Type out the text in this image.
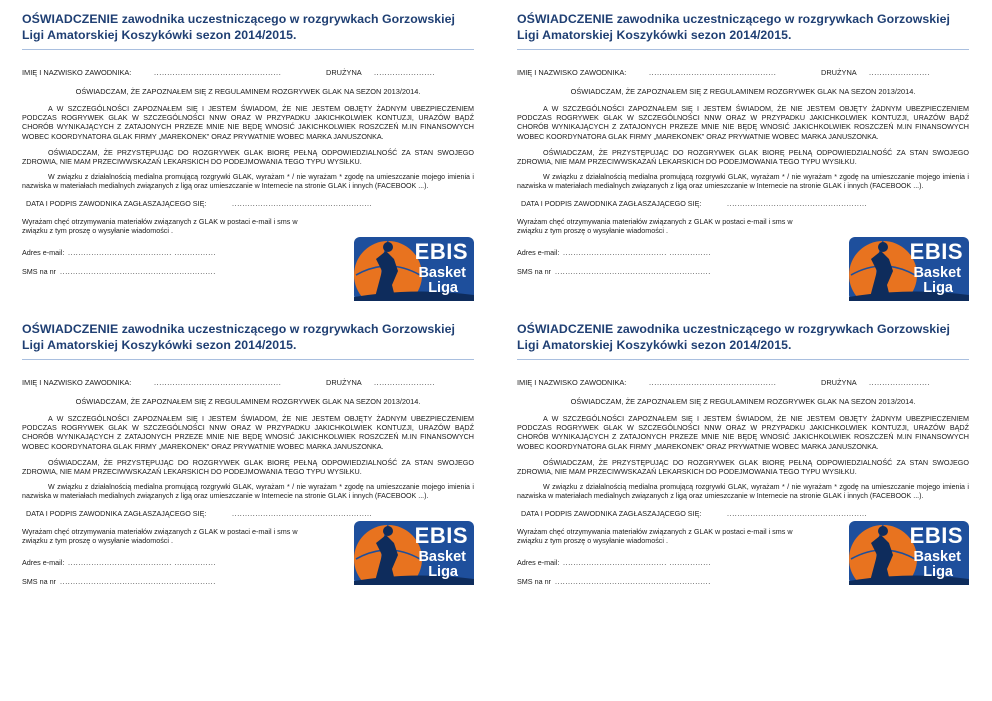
OŚWIADCZENIE zawodnika uczestniczącego w rozgrywkach Gorzowskiej Ligi Amatorskiej Koszykówki sezon 2014/2015.
IMIĘ I NAZWISKO ZAWODNIKA:	................................................	DRUŻYNA	.......................
OŚWIADCZAM, ŻE ZAPOZNAŁEM SIĘ Z REGULAMINEM ROZGRYWEK GLAK NA SEZON 2013/2014.
A W SZCZEGÓLNOŚCI ZAPOZNAŁEM SIĘ I JESTEM ŚWIADOM, ŻE NIE JESTEM OBJĘTY ŻADNYM UBEZPIECZENIEM PODCZAS ROGRYWEK GLAK W SZCZEGÓLNOŚCI NNW ORAZ W PRZYPADKU JAKICHKOLWIEK KONTUZJI, URAZÓW BĄDŹ CHORÓB WYNIKAJĄCYCH Z ZATAJONYCH PRZEZE MNIE NIE BĘDĘ WNOSIĆ JAKICHKOLWIEK ROSZCZEŃ M.IN FINANSOWYCH WOBEC KOORDYNATORA GLAK FIRMY „MAREKONEK” ORAZ PRYWATNIE WOBEC MARKA JANUSZONKA.
OŚWIADCZAM, ŻE PRZYSTĘPUJĄC DO ROZGRYWEK GLAK BIORĘ PEŁNĄ ODPOWIEDZIALNOŚĆ ZA STAN SWOJEGO ZDROWIA, NIE MAM PRZECIWWSKAZAŃ LEKARSKICH DO PODEJMOWANIA TEGO TYPU WYSIŁKU.
W związku z działalnością medialna promującą rozgrywki GLAK, wyrażam * / nie wyrażam * zgodę na umieszczanie mojego imienia i nazwiska w materiałach medialnych związanych z ligą oraz umieszczanie w Internecie na stronie GLAK i innych (FACEBOOK ...).
DATA I PODPIS ZAWODNIKA ZAGŁASZAJĄCEGO SIĘ:	......................................................
Wyrażam chęć otrzymywania materiałów związanych z GLAK w postaci e-mail i sms w związku z tym proszę o wysyłanie wiadomości .
Adres e-mail: ........................................ ................
SMS na nr ............................................................
EBIS
Basket
Liga
OŚWIADCZENIE zawodnika uczestniczącego w rozgrywkach Gorzowskiej Ligi Amatorskiej Koszykówki sezon 2014/2015.
IMIĘ I NAZWISKO ZAWODNIKA:	................................................	DRUŻYNA	.......................
OŚWIADCZAM, ŻE ZAPOZNAŁEM SIĘ Z REGULAMINEM ROZGRYWEK GLAK NA SEZON 2013/2014.
A W SZCZEGÓLNOŚCI ZAPOZNAŁEM SIĘ I JESTEM ŚWIADOM, ŻE NIE JESTEM OBJĘTY ŻADNYM UBEZPIECZENIEM PODCZAS ROGRYWEK GLAK W SZCZEGÓLNOŚCI NNW ORAZ W PRZYPADKU JAKICHKOLWIEK KONTUZJI, URAZÓW BĄDŹ CHORÓB WYNIKAJĄCYCH Z ZATAJONYCH PRZEZE MNIE NIE BĘDĘ WNOSIĆ JAKICHKOLWIEK ROSZCZEŃ M.IN FINANSOWYCH WOBEC KOORDYNATORA GLAK FIRMY „MAREKONEK” ORAZ PRYWATNIE WOBEC MARKA JANUSZONKA.
OŚWIADCZAM, ŻE PRZYSTĘPUJĄC DO ROZGRYWEK GLAK BIORĘ PEŁNĄ ODPOWIEDZIALNOŚĆ ZA STAN SWOJEGO ZDROWIA, NIE MAM PRZECIWWSKAZAŃ LEKARSKICH DO PODEJMOWANIA TEGO TYPU WYSIŁKU.
W związku z działalnością medialna promującą rozgrywki GLAK, wyrażam * / nie wyrażam * zgodę na umieszczanie mojego imienia i nazwiska w materiałach medialnych związanych z ligą oraz umieszczanie w Internecie na stronie GLAK i innych (FACEBOOK ...).
DATA I PODPIS ZAWODNIKA ZAGŁASZAJĄCEGO SIĘ:	......................................................
Wyrażam chęć otrzymywania materiałów związanych z GLAK w postaci e-mail i sms w związku z tym proszę o wysyłanie wiadomości .
Adres e-mail: ........................................ ................
SMS na nr ............................................................
EBIS
Basket
Liga
OŚWIADCZENIE zawodnika uczestniczącego w rozgrywkach Gorzowskiej Ligi Amatorskiej Koszykówki sezon 2014/2015.
IMIĘ I NAZWISKO ZAWODNIKA:	................................................	DRUŻYNA	.......................
OŚWIADCZAM, ŻE ZAPOZNAŁEM SIĘ Z REGULAMINEM ROZGRYWEK GLAK NA SEZON 2013/2014.
A W SZCZEGÓLNOŚCI ZAPOZNAŁEM SIĘ I JESTEM ŚWIADOM, ŻE NIE JESTEM OBJĘTY ŻADNYM UBEZPIECZENIEM PODCZAS ROGRYWEK GLAK W SZCZEGÓLNOŚCI NNW ORAZ W PRZYPADKU JAKICHKOLWIEK KONTUZJI, URAZÓW BĄDŹ CHORÓB WYNIKAJĄCYCH Z ZATAJONYCH PRZEZE MNIE NIE BĘDĘ WNOSIĆ JAKICHKOLWIEK ROSZCZEŃ M.IN FINANSOWYCH WOBEC KOORDYNATORA GLAK FIRMY „MAREKONEK” ORAZ PRYWATNIE WOBEC MARKA JANUSZONKA.
OŚWIADCZAM, ŻE PRZYSTĘPUJĄC DO ROZGRYWEK GLAK BIORĘ PEŁNĄ ODPOWIEDZIALNOŚĆ ZA STAN SWOJEGO ZDROWIA, NIE MAM PRZECIWWSKAZAŃ LEKARSKICH DO PODEJMOWANIA TEGO TYPU WYSIŁKU.
W związku z działalnością medialna promującą rozgrywki GLAK, wyrażam * / nie wyrażam * zgodę na umieszczanie mojego imienia i nazwiska w materiałach medialnych związanych z ligą oraz umieszczanie w Internecie na stronie GLAK i innych (FACEBOOK ...).
DATA I PODPIS ZAWODNIKA ZAGŁASZAJĄCEGO SIĘ:	......................................................
Wyrażam chęć otrzymywania materiałów związanych z GLAK w postaci e-mail i sms w związku z tym proszę o wysyłanie wiadomości .
Adres e-mail: ........................................ ................
SMS na nr ............................................................
EBIS
Basket
Liga
OŚWIADCZENIE zawodnika uczestniczącego w rozgrywkach Gorzowskiej Ligi Amatorskiej Koszykówki sezon 2014/2015.
IMIĘ I NAZWISKO ZAWODNIKA:	................................................	DRUŻYNA	.......................
OŚWIADCZAM, ŻE ZAPOZNAŁEM SIĘ Z REGULAMINEM ROZGRYWEK GLAK NA SEZON 2013/2014.
A W SZCZEGÓLNOŚCI ZAPOZNAŁEM SIĘ I JESTEM ŚWIADOM, ŻE NIE JESTEM OBJĘTY ŻADNYM UBEZPIECZENIEM PODCZAS ROGRYWEK GLAK W SZCZEGÓLNOŚCI NNW ORAZ W PRZYPADKU JAKICHKOLWIEK KONTUZJI, URAZÓW BĄDŹ CHORÓB WYNIKAJĄCYCH Z ZATAJONYCH PRZEZE MNIE NIE BĘDĘ WNOSIĆ JAKICHKOLWIEK ROSZCZEŃ M.IN FINANSOWYCH WOBEC KOORDYNATORA GLAK FIRMY „MAREKONEK” ORAZ PRYWATNIE WOBEC MARKA JANUSZONKA.
OŚWIADCZAM, ŻE PRZYSTĘPUJĄC DO ROZGRYWEK GLAK BIORĘ PEŁNĄ ODPOWIEDZIALNOŚĆ ZA STAN SWOJEGO ZDROWIA, NIE MAM PRZECIWWSKAZAŃ LEKARSKICH DO PODEJMOWANIA TEGO TYPU WYSIŁKU.
W związku z działalnością medialna promującą rozgrywki GLAK, wyrażam * / nie wyrażam * zgodę na umieszczanie mojego imienia i nazwiska w materiałach medialnych związanych z ligą oraz umieszczanie w Internecie na stronie GLAK i innych (FACEBOOK ...).
DATA I PODPIS ZAWODNIKA ZAGŁASZAJĄCEGO SIĘ:	......................................................
Wyrażam chęć otrzymywania materiałów związanych z GLAK w postaci e-mail i sms w związku z tym proszę o wysyłanie wiadomości .
Adres e-mail: ........................................ ................
SMS na nr ............................................................
EBIS
Basket
Liga
